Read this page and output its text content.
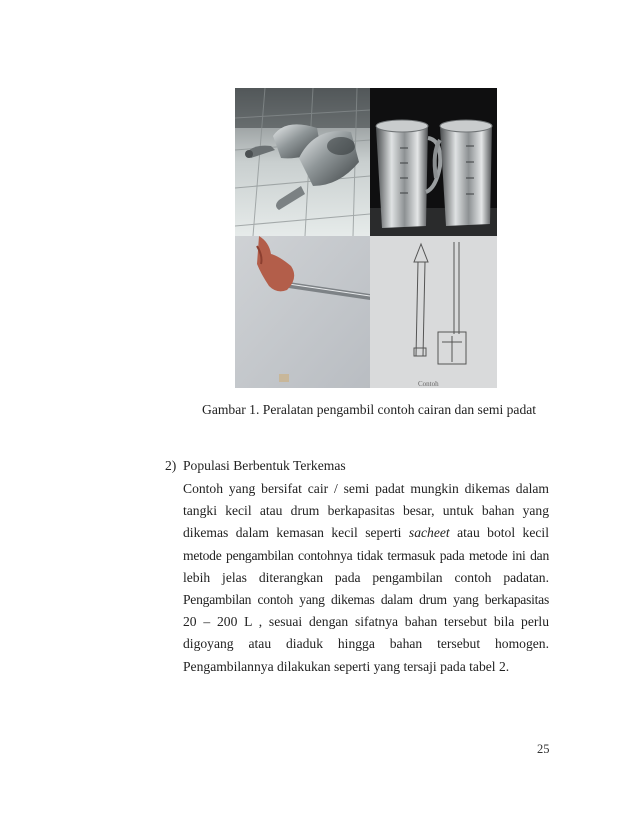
Contoh
Gambar 1. Peralatan pengambil contoh cairan dan semi padat
2) Populasi Berbentuk Terkemas
Contoh yang bersifat cair / semi padat mungkin dikemas dalam
tangki kecil atau drum berkapasitas besar, untuk bahan yang
dikemas dalam kemasan kecil seperti sacheet atau botol kecil
metode pengambilan contohnya tidak termasuk pada metode ini dan
lebih jelas diterangkan pada pengambilan contoh padatan.
Pengambilan contoh yang dikemas dalam drum yang berkapasitas
20 – 200 L , sesuai dengan sifatnya bahan tersebut bila perlu
digoyang atau diaduk hingga bahan tersebut homogen.
Pengambilannya dilakukan seperti yang tersaji pada tabel 2.
25
